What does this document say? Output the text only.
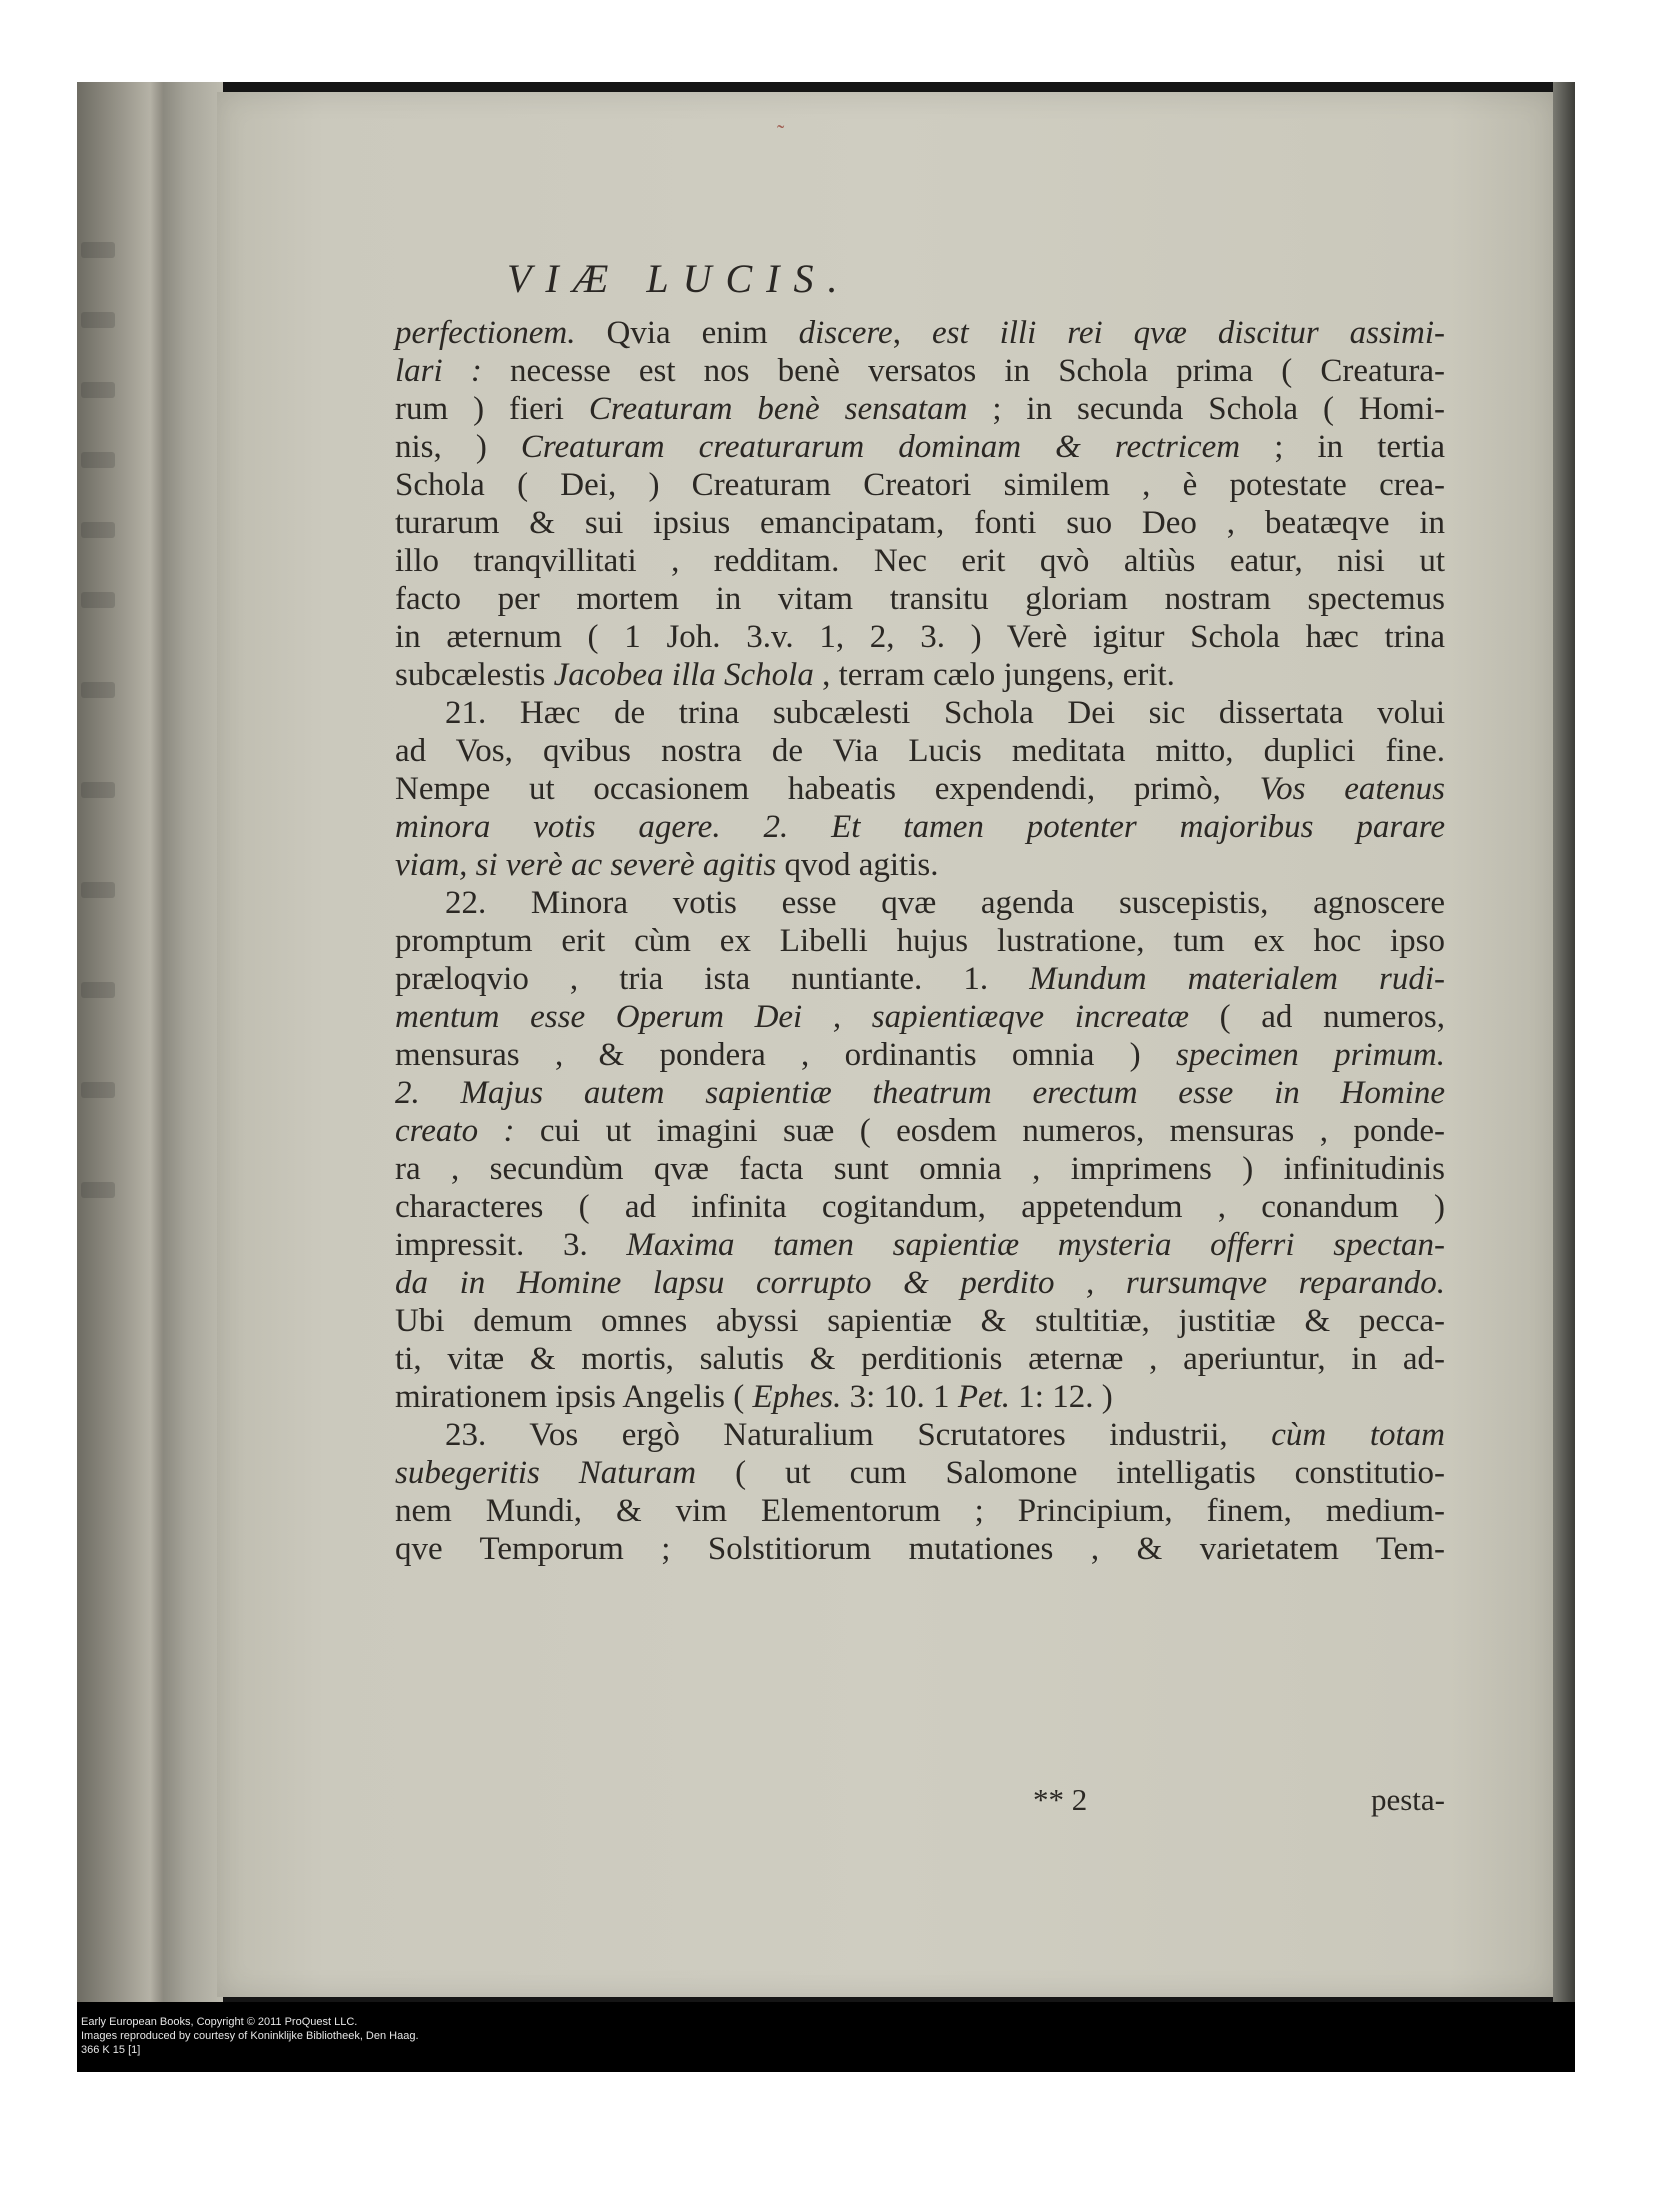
˜
VIÆ LUCIS.
perfectionem. Qvia enim discere, est illi rei qvæ discitur assimi-
lari : necesse est nos benè versatos in Schola prima ( Creatura-
rum ) fieri Creaturam benè sensatam ; in secunda Schola ( Homi-
nis, ) Creaturam creaturarum dominam & rectricem ; in tertia
Schola ( Dei, ) Creaturam Creatori similem , è potestate crea-
turarum & sui ipsius emancipatam, fonti suo Deo , beatæqve in
illo tranqvillitati , redditam. Nec erit qvò altiùs eatur, nisi ut
facto per mortem in vitam transitu gloriam nostram spectemus
in æternum ( 1 Joh. 3.v. 1, 2, 3. ) Verè igitur Schola hæc trina
subcælestis Jacobea illa Schola , terram cælo jungens, erit.
21. Hæc de trina subcælesti Schola Dei sic dissertata volui
ad Vos, qvibus nostra de Via Lucis meditata mitto, duplici fine.
Nempe ut occasionem habeatis expendendi, primò, Vos eatenus
minora votis agere. 2. Et tamen potenter majoribus parare
viam, si verè ac severè agitis qvod agitis.
22. Minora votis esse qvæ agenda suscepistis, agnoscere
promptum erit cùm ex Libelli hujus lustratione, tum ex hoc ipso
præloqvio , tria ista nuntiante. 1. Mundum materialem rudi-
mentum esse Operum Dei , sapientiæqve increatæ ( ad numeros,
mensuras , & pondera , ordinantis omnia ) specimen primum.
2. Majus autem sapientiæ theatrum erectum esse in Homine
creato : cui ut imagini suæ ( eosdem numeros, mensuras , ponde-
ra , secundùm qvæ facta sunt omnia , imprimens ) infinitudinis
characteres ( ad infinita cogitandum, appetendum , conandum )
impressit. 3. Maxima tamen sapientiæ mysteria offerri spectan-
da in Homine lapsu corrupto & perdito , rursumqve reparando.
Ubi demum omnes abyssi sapientiæ & stultitiæ, justitiæ & pecca-
ti, vitæ & mortis, salutis & perditionis æternæ , aperiuntur, in ad-
mirationem ipsis Angelis ( Ephes. 3: 10. 1 Pet. 1: 12. )
23. Vos ergò Naturalium Scrutatores industrii, cùm totam
subegeritis Naturam ( ut cum Salomone intelligatis constitutio-
nem Mundi, & vim Elementorum ; Principium, finem, medium-
qve Temporum ; Solstitiorum mutationes , & varietatem Tem-
** 2	pesta-
Early European Books, Copyright © 2011 ProQuest LLC.
Images reproduced by courtesy of Koninklijke Bibliotheek, Den Haag.
366 K 15 [1]
